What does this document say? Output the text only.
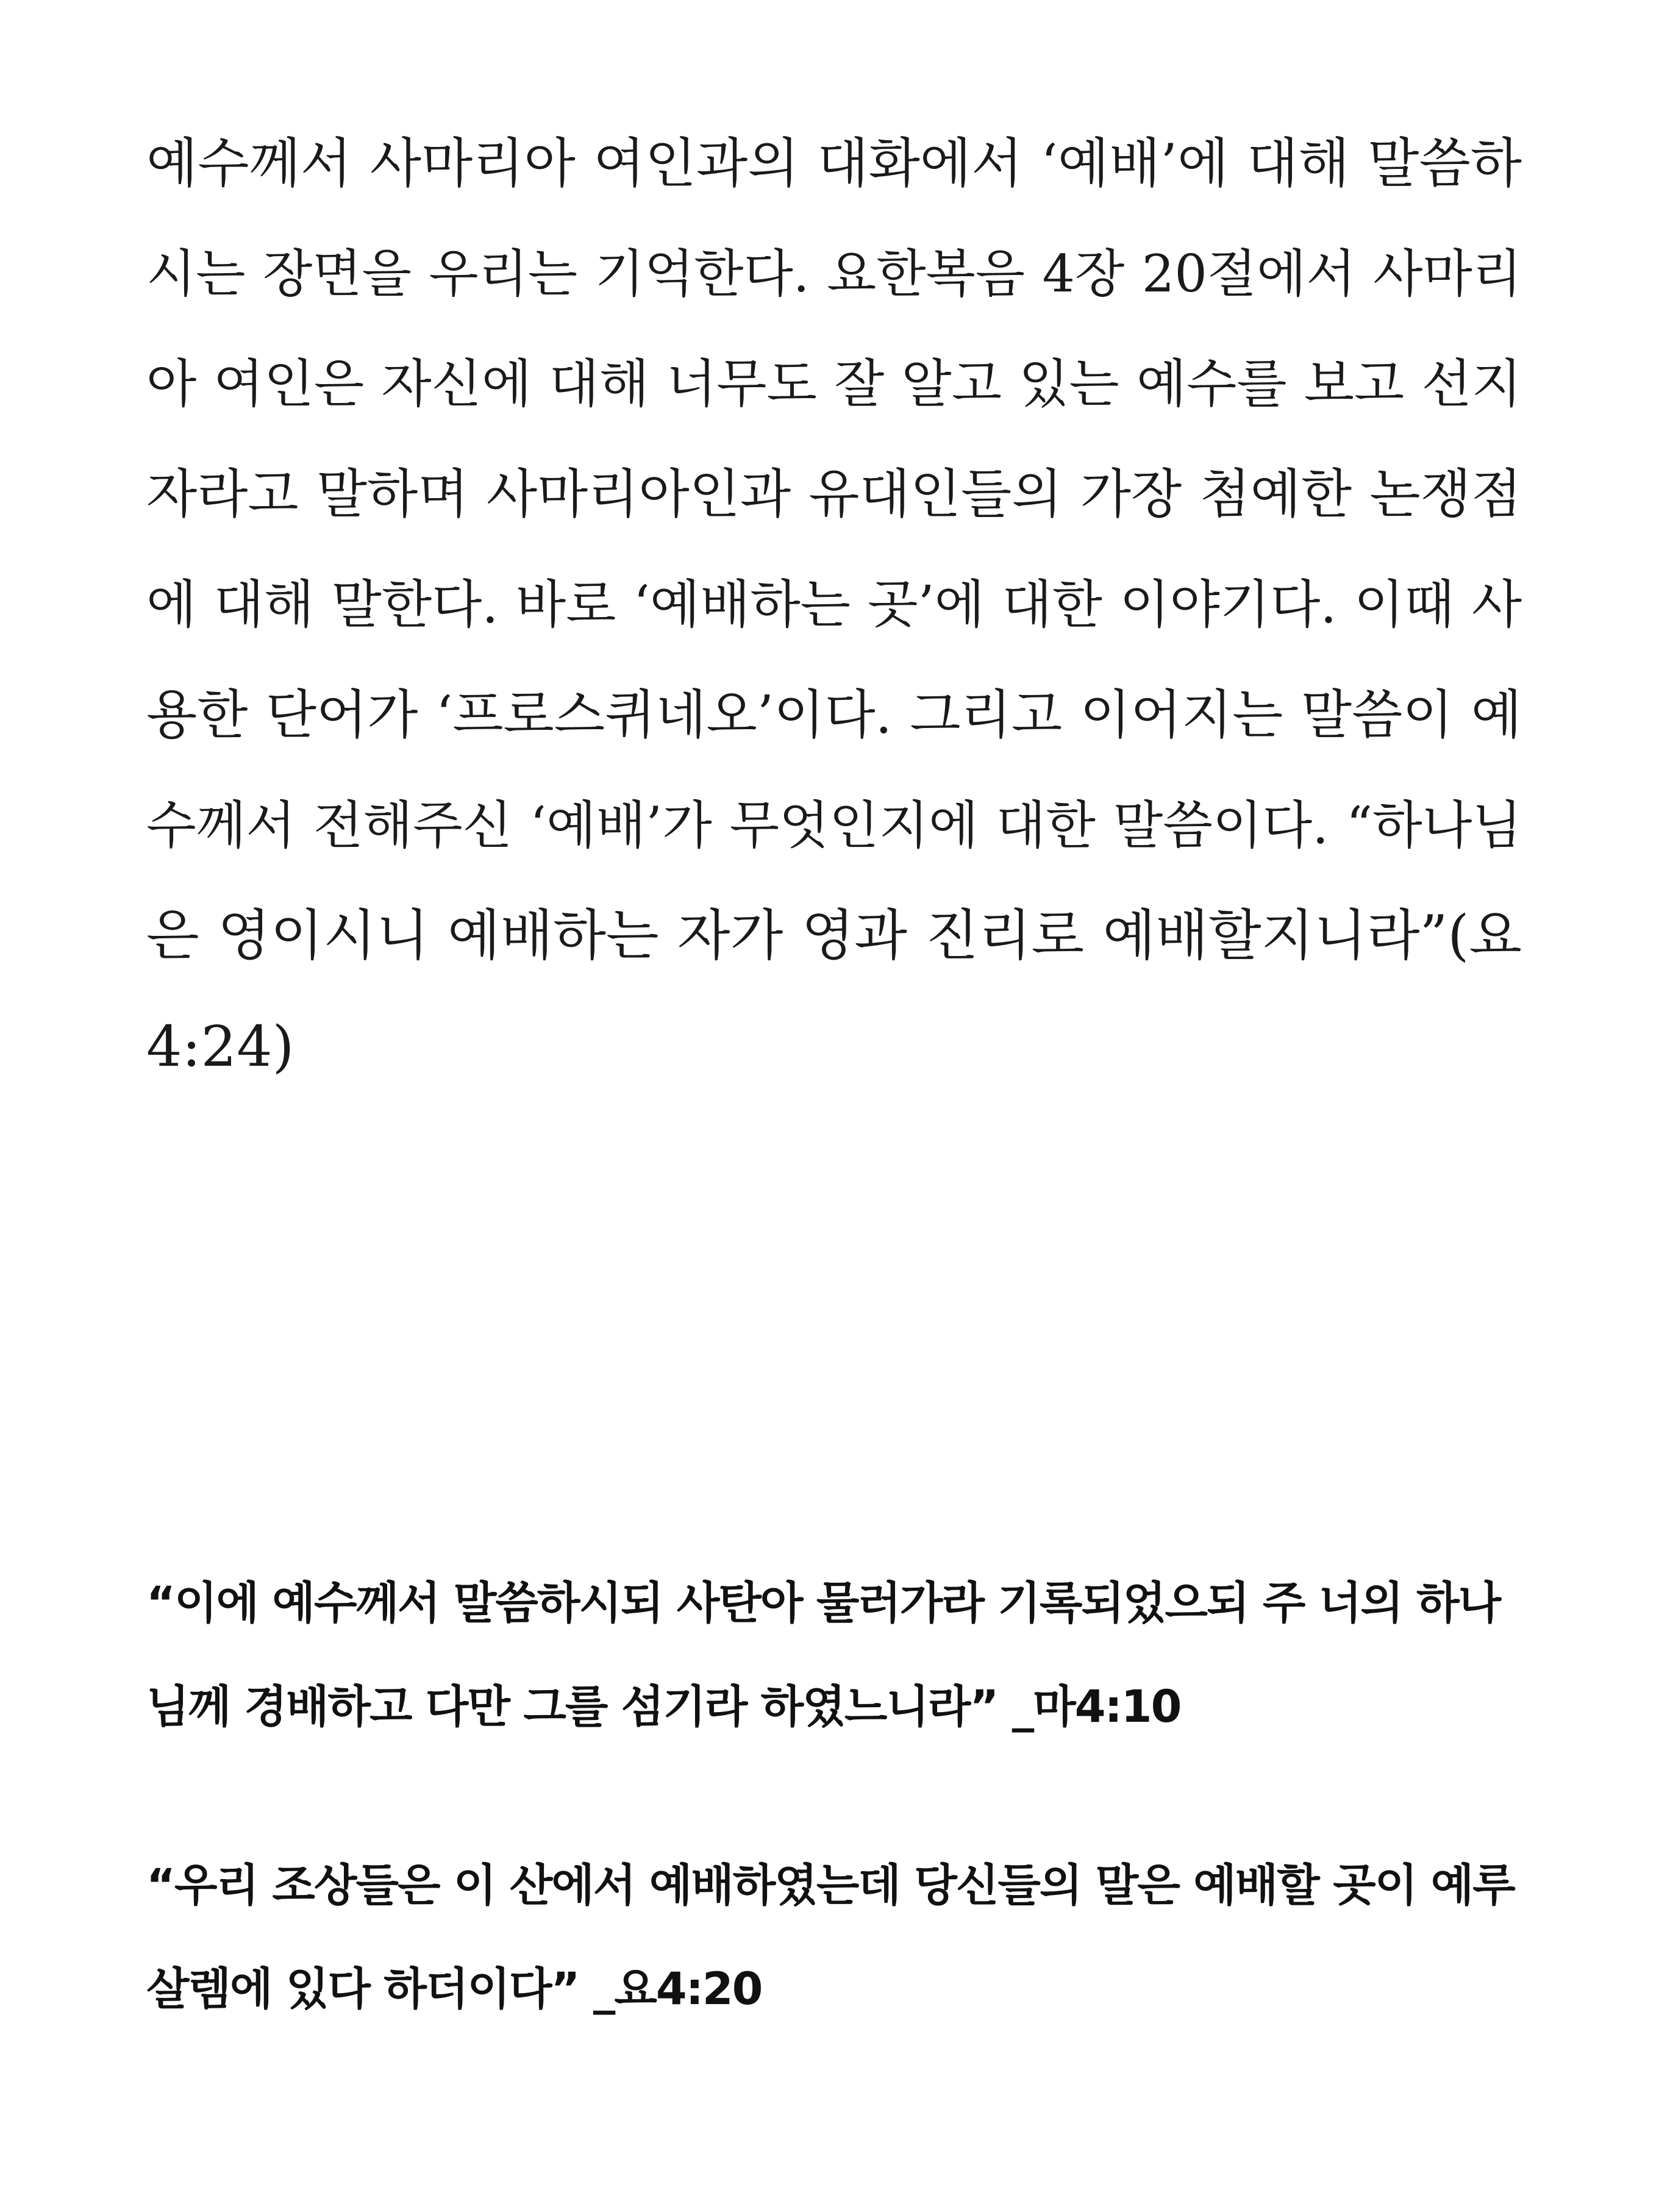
예수께서 사마리아 여인과의 대화에서 ‘예배’에 대해 말씀하
시는 장면을 우리는 기억한다. 요한복음 4장 20절에서 사마리
아 여인은 자신에 대해 너무도 잘 알고 있는 예수를 보고 선지
자라고 말하며 사마리아인과 유대인들의 가장 첨예한 논쟁점
에 대해 말한다. 바로 ‘예배하는 곳’에 대한 이야기다. 이때 사
용한 단어가 ‘프로스퀴네오’이다. 그리고 이어지는 말씀이 예
수께서 전해주신 ‘예배’가 무엇인지에 대한 말씀이다. “하나님
은 영이시니 예배하는 자가 영과 진리로 예배할지니라”(요
4:24)
“이에 예수께서 말씀하시되 사탄아 물러가라 기록되었으되 주 너의 하나
님께 경배하고 다만 그를 섬기라 하였느니라” _마4:10
“우리 조상들은 이 산에서 예배하였는데 당신들의 말은 예배할 곳이 예루
살렘에 있다 하더이다” _요4:20
